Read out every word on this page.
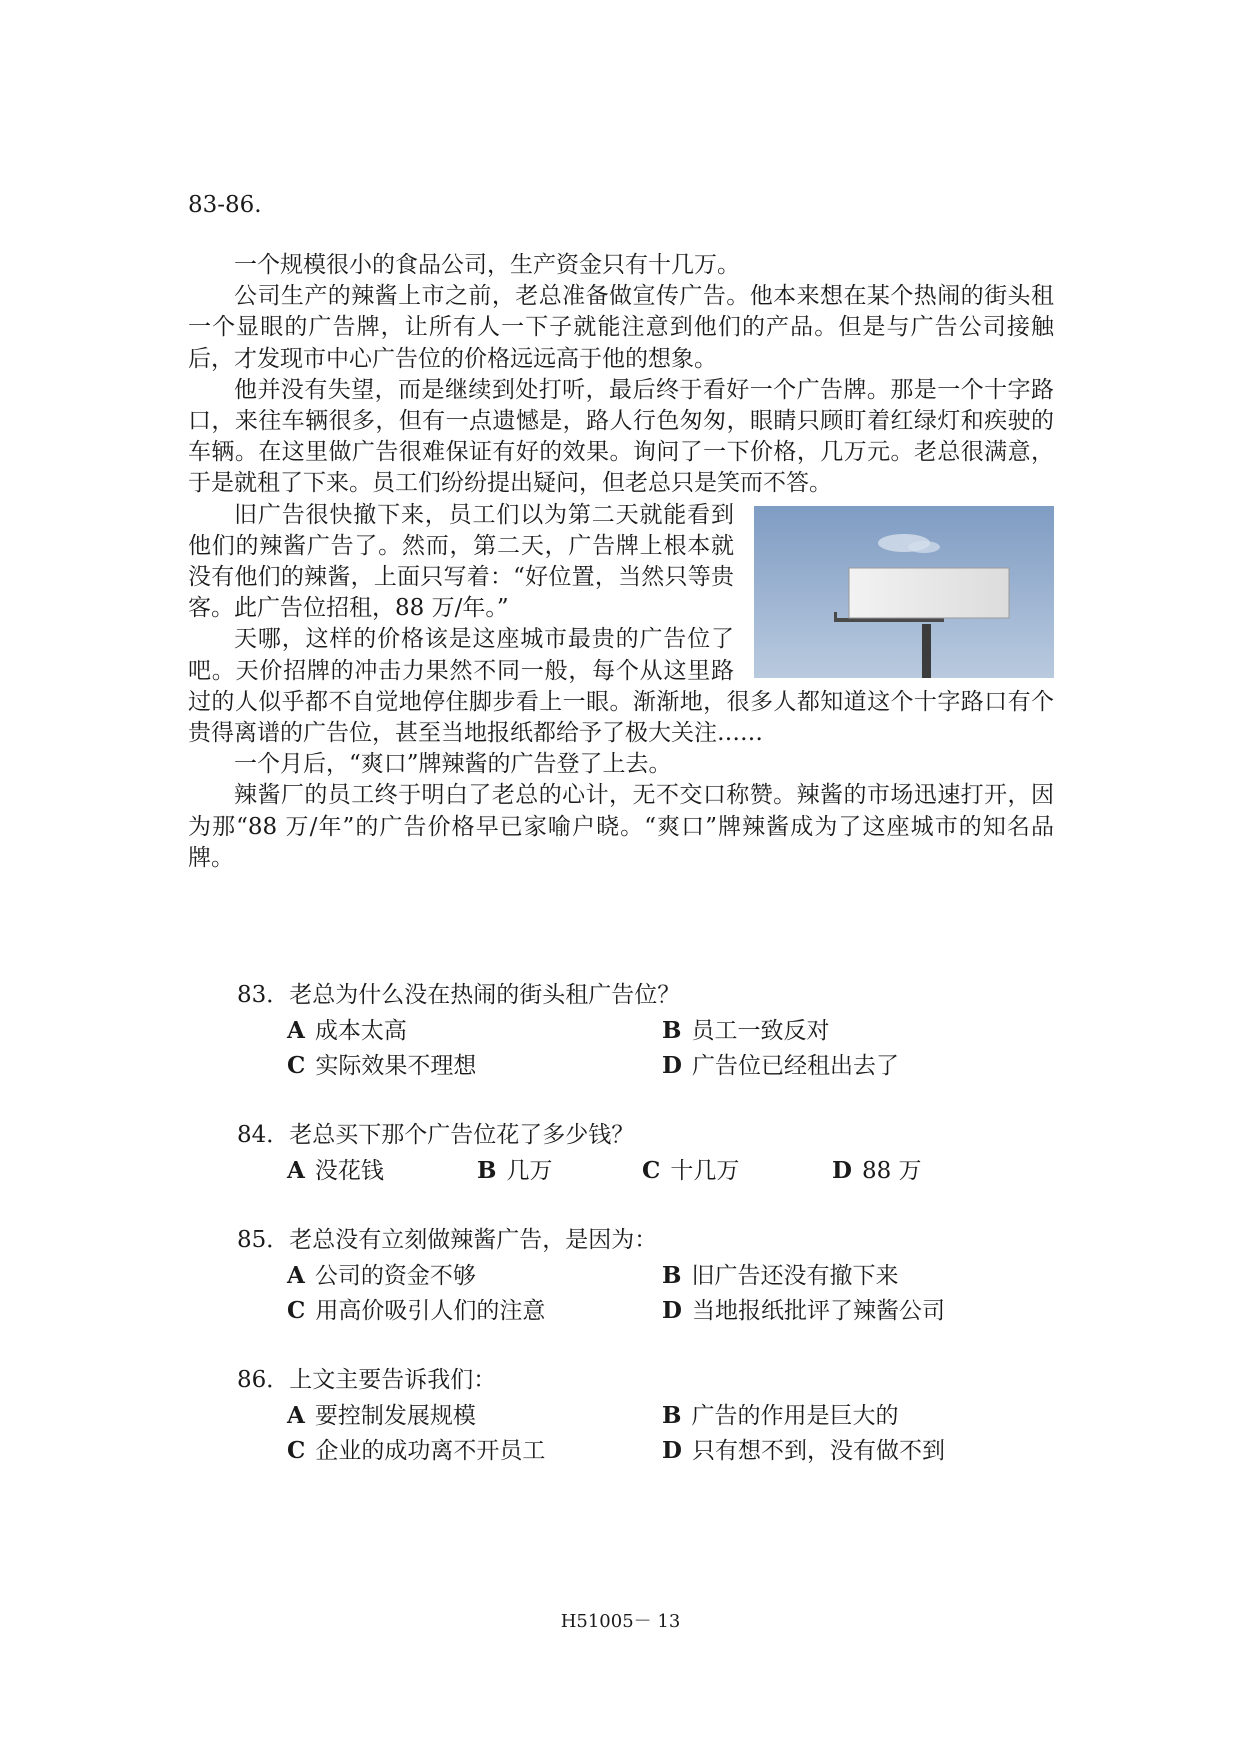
83-86.

一个规模很小的食品公司，生产资金只有十几万。

公司生产的辣酱上市之前，老总准备做宣传广告。他本来想在某个热闹的街头租一个显眼的广告牌，让所有人一下子就能注意到他们的产品。但是与广告公司接触后，才发现市中心广告位的价格远远高于他的想象。

他并没有失望，而是继续到处打听，最后终于看好一个广告牌。那是一个十字路口，来往车辆很多，但有一点遗憾是，路人行色匆匆，眼睛只顾盯着红绿灯和疾驶的车辆。在这里做广告很难保证有好的效果。询问了一下价格，几万元。老总很满意，于是就租了下来。员工们纷纷提出疑问，但老总只是笑而不答。

旧广告很快撤下来，员工们以为第二天就能看到他们的辣酱广告了。然而，第二天，广告牌上根本就没有他们的辣酱，上面只写着：“好位置，当然只等贵客。此广告位招租，88 万/年。”

天哪，这样的价格该是这座城市最贵的广告位了吧。天价招牌的冲击力果然不同一般，每个从这里路过的人似乎都不自觉地停住脚步看上一眼。渐渐地，很多人都知道这个十字路口有个贵得离谱的广告位，甚至当地报纸都给予了极大关注……

一个月后，“爽口”牌辣酱的广告登了上去。

辣酱厂的员工终于明白了老总的心计，无不交口称赞。辣酱的市场迅速打开，因为那“88 万/年”的广告价格早已家喻户晓。“爽口”牌辣酱成为了这座城市的知名品牌。

83．老总为什么没在热闹的街头租广告位？
A 成本太高	B 员工一致反对
C 实际效果不理想	D 广告位已经租出去了
84．老总买下那个广告位花了多少钱？
A 没花钱	B 几万	C 十几万	D 88 万
85．老总没有立刻做辣酱广告，是因为：
A 公司的资金不够	B 旧广告还没有撤下来
C 用高价吸引人们的注意	D 当地报纸批评了辣酱公司
86．上文主要告诉我们：
A 要控制发展规模	B 广告的作用是巨大的
C 企业的成功离不开员工	D 只有想不到，没有做不到
H51005－ 13
